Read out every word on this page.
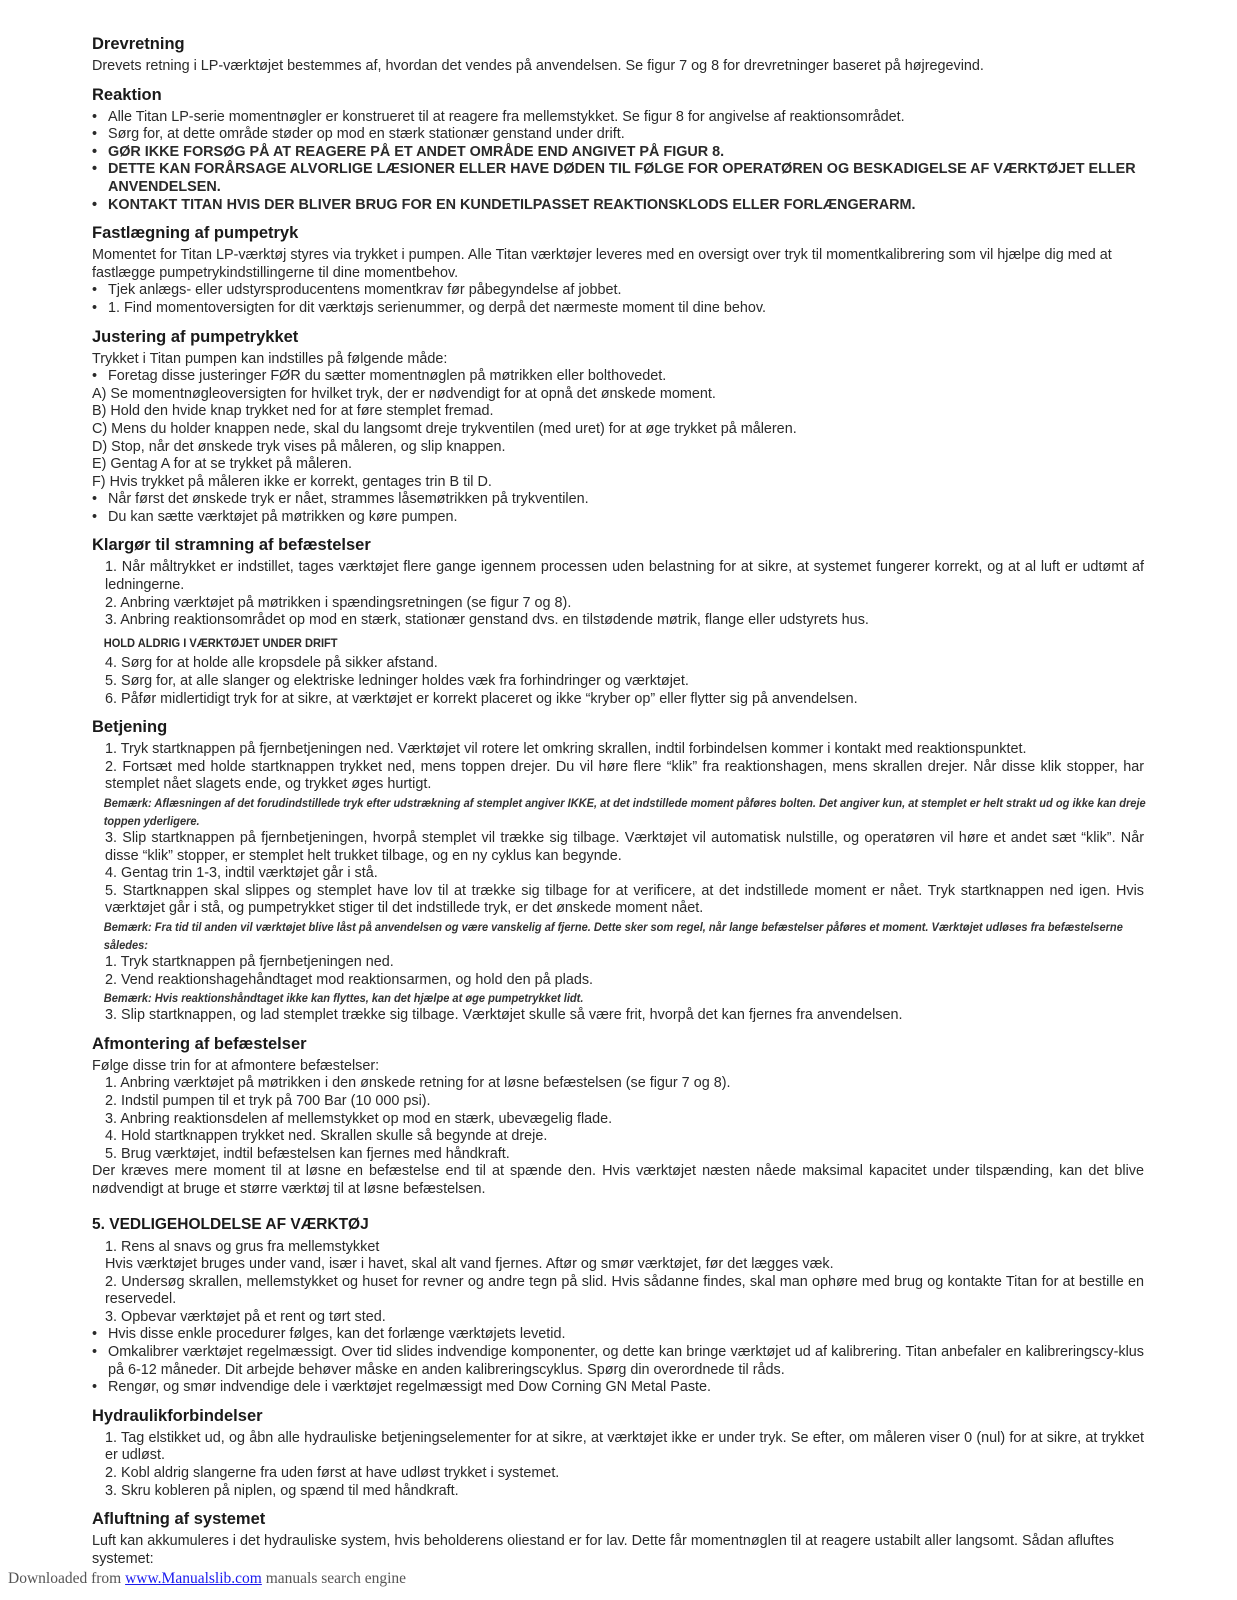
Drevretning

Drevets retning i LP-værktøjet bestemmes af, hvordan det vendes på anvendelsen. Se figur 7 og 8 for drevretninger baseret på højregevind.

Reaktion
• Alle Titan LP-serie momentnøgler er konstrueret til at reagere fra mellemstykket. Se figur 8 for angivelse af reaktionsområdet.
• Sørg for, at dette område støder op mod en stærk stationær genstand under drift.
• GØR IKKE FORSØG PÅ AT REAGERE PÅ ET ANDET OMRÅDE END ANGIVET PÅ FIGUR 8.
• DETTE KAN FORÅRSAGE ALVORLIGE LÆSIONER ELLER HAVE DØDEN TIL FØLGE FOR OPERATØREN OG BESKADIGELSE AF VÆRKTØJET ELLER ANVENDELSEN.
• KONTAKT TITAN HVIS DER BLIVER BRUG FOR EN KUNDETILPASSET REAKTIONSKLODS ELLER FORLÆNGERARM.
Fastlægning af pumpetryk

Momentet for Titan LP-værktøj styres via trykket i pumpen. Alle Titan værktøjer leveres med en oversigt over tryk til momentkalibrering som vil hjælpe dig med at fastlægge pumpetrykindstillingerne til dine momentbehov.

• Tjek anlægs- eller udstyrsproducentens momentkrav før påbegyndelse af jobbet.
• 1. Find momentoversigten for dit værktøjs serienummer, og derpå det nærmeste moment til dine behov.
Justering af pumpetrykket

Trykket i Titan pumpen kan indstilles på følgende måde:

• Foretag disse justeringer FØR du sætter momentnøglen på møtrikken eller bolthovedet.

A) Se momentnøgleoversigten for hvilket tryk, der er nødvendigt for at opnå det ønskede moment.

B) Hold den hvide knap trykket ned for at føre stemplet fremad.

C) Mens du holder knappen nede, skal du langsomt dreje trykventilen (med uret) for at øge trykket på måleren.

D) Stop, når det ønskede tryk vises på måleren, og slip knappen.

E) Gentag A for at se trykket på måleren.

F) Hvis trykket på måleren ikke er korrekt, gentages trin B til D.

• Når først det ønskede tryk er nået, strammes låsemøtrikken på trykventilen.
• Du kan sætte værktøjet på møtrikken og køre pumpen.
Klargør til stramning af befæstelser

1. Når måltrykket er indstillet, tages værktøjet flere gange igennem processen uden belastning for at sikre, at systemet fungerer korrekt, og at al luft er udtømt af ledningerne.

2. Anbring værktøjet på møtrikken i spændingsretningen (se figur 7 og 8).

3. Anbring reaktionsområdet op mod en stærk, stationær genstand dvs. en tilstødende møtrik, flange eller udstyrets hus.

HOLD ALDRIG I VÆRKTØJET UNDER DRIFT

4. Sørg for at holde alle kropsdele på sikker afstand.

5. Sørg for, at alle slanger og elektriske ledninger holdes væk fra forhindringer og værktøjet.

6. Påfør midlertidigt tryk for at sikre, at værktøjet er korrekt placeret og ikke “kryber op” eller flytter sig på anvendelsen.

Betjening

1. Tryk startknappen på fjernbetjeningen ned. Værktøjet vil rotere let omkring skrallen, indtil forbindelsen kommer i kontakt med reaktionspunktet.

2. Fortsæt med holde startknappen trykket ned, mens toppen drejer. Du vil høre flere “klik” fra reaktionshagen, mens skrallen drejer. Når disse klik stopper, har stemplet nået slagets ende, og trykket øges hurtigt.

Bemærk: Aflæsningen af det forudindstillede tryk efter udstrækning af stemplet angiver IKKE, at det indstillede moment påføres bolten. Det angiver kun, at stemplet er helt strakt ud og ikke kan dreje toppen yderligere.

3. Slip startknappen på fjernbetjeningen, hvorpå stemplet vil trække sig tilbage. Værktøjet vil automatisk nulstille, og operatøren vil høre et andet sæt “klik”. Når disse “klik” stopper, er stemplet helt trukket tilbage, og en ny cyklus kan begynde.

4. Gentag trin 1-3, indtil værktøjet går i stå.

5. Startknappen skal slippes og stemplet have lov til at trække sig tilbage for at verificere, at det indstillede moment er nået. Tryk startknappen ned igen. Hvis værktøjet går i stå, og pumpetrykket stiger til det indstillede tryk, er det ønskede moment nået.

Bemærk: Fra tid til anden vil værktøjet blive låst på anvendelsen og være vanskelig af fjerne. Dette sker som regel, når lange befæstelser påføres et moment. Værktøjet udløses fra befæstelserne således:

1. Tryk startknappen på fjernbetjeningen ned.

2. Vend reaktionshagehåndtaget mod reaktionsarmen, og hold den på plads.

Bemærk: Hvis reaktionshåndtaget ikke kan flyttes, kan det hjælpe at øge pumpetrykket lidt.

3. Slip startknappen, og lad stemplet trække sig tilbage. Værktøjet skulle så være frit, hvorpå det kan fjernes fra anvendelsen.

Afmontering af befæstelser

Følge disse trin for at afmontere befæstelser:

1. Anbring værktøjet på møtrikken i den ønskede retning for at løsne befæstelsen (se figur 7 og 8).

2. Indstil pumpen til et tryk på 700 Bar (10 000 psi).

3. Anbring reaktionsdelen af mellemstykket op mod en stærk, ubevægelig flade.

4. Hold startknappen trykket ned. Skrallen skulle så begynde at dreje.

5. Brug værktøjet, indtil befæstelsen kan fjernes med håndkraft.

Der kræves mere moment til at løsne en befæstelse end til at spænde den. Hvis værktøjet næsten nåede maksimal kapacitet under tilspænding, kan det blive nødvendigt at bruge et større værktøj til at løsne befæstelsen.

5. VEDLIGEHOLDELSE AF VÆRKTØJ

1. Rens al snavs og grus fra mellemstykket

Hvis værktøjet bruges under vand, især i havet, skal alt vand fjernes. Aftør og smør værktøjet, før det lægges væk.

2. Undersøg skrallen, mellemstykket og huset for revner og andre tegn på slid. Hvis sådanne findes, skal man ophøre med brug og kontakte Titan for at bestille en reservedel.

3. Opbevar værktøjet på et rent og tørt sted.

• Hvis disse enkle procedurer følges, kan det forlænge værktøjets levetid.
• Omkalibrer værktøjet regelmæssigt. Over tid slides indvendige komponenter, og dette kan bringe værktøjet ud af kalibrering. Titan anbefaler en kalibreringscy-klus på 6-12 måneder. Dit arbejde behøver måske en anden kalibreringscyklus. Spørg din overordnede til råds.
• Rengør, og smør indvendige dele i værktøjet regelmæssigt med Dow Corning GN Metal Paste.
Hydraulikforbindelser

1. Tag elstikket ud, og åbn alle hydrauliske betjeningselementer for at sikre, at værktøjet ikke er under tryk. Se efter, om måleren viser 0 (nul) for at sikre, at trykket er udløst.

2. Kobl aldrig slangerne fra uden først at have udløst trykket i systemet.

3. Skru kobleren på niplen, og spænd til med håndkraft.

Afluftning af systemet

Luft kan akkumuleres i det hydrauliske system, hvis beholderens oliestand er for lav. Dette får momentnøglen til at reagere ustabilt aller langsomt. Sådan afluftes systemet:

Downloaded from www.Manualslib.com manuals search engine
